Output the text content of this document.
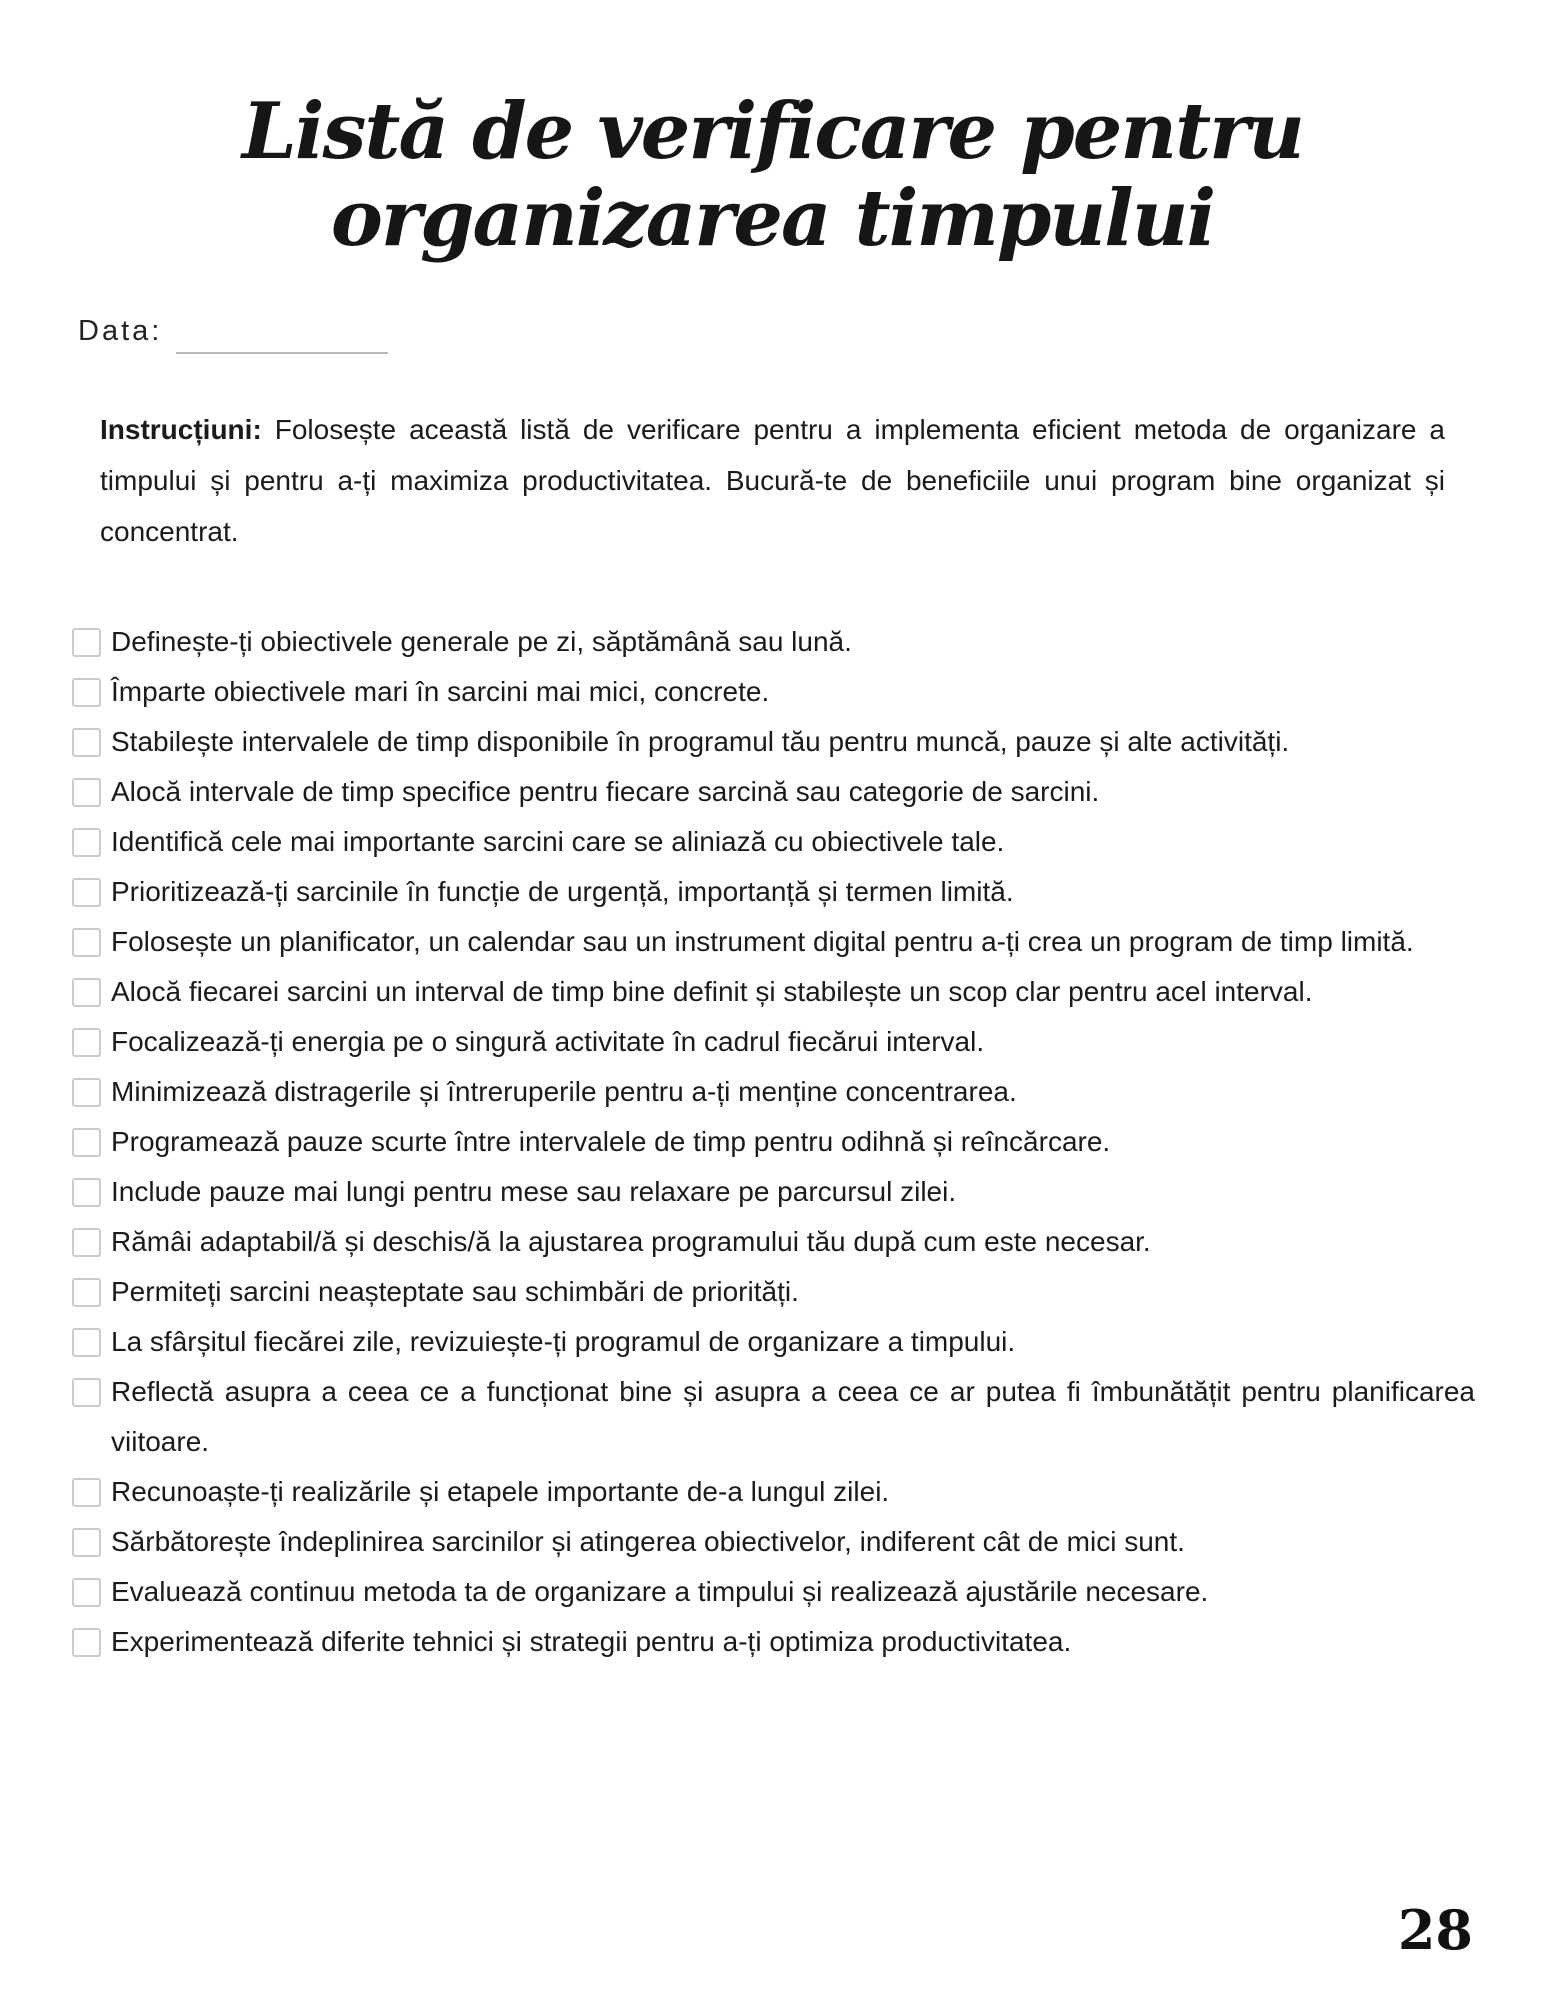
Listă de verificare pentru
organizarea timpului
Data:

Instrucțiuni: Folosește această listă de verificare pentru a implementa eficient metoda de organizare a timpului și pentru a-ți maximiza productivitatea. Bucură-te de beneficiile unui program bine organizat și concentrat.

Definește-ți obiectivele generale pe zi, săptămână sau lună.
Împarte obiectivele mari în sarcini mai mici, concrete.
Stabilește intervalele de timp disponibile în programul tău pentru muncă, pauze și alte activități.
Alocă intervale de timp specifice pentru fiecare sarcină sau categorie de sarcini.
Identifică cele mai importante sarcini care se aliniază cu obiectivele tale.
Prioritizează-ți sarcinile în funcție de urgență, importanță și termen limită.
Folosește un planificator, un calendar sau un instrument digital pentru a-ți crea un program de timp limită.
Alocă fiecarei sarcini un interval de timp bine definit și stabilește un scop clar pentru acel interval.
Focalizează-ți energia pe o singură activitate în cadrul fiecărui interval.
Minimizează distragerile și întreruperile pentru a-ți menține concentrarea.
Programează pauze scurte între intervalele de timp pentru odihnă și reîncărcare.
Include pauze mai lungi pentru mese sau relaxare pe parcursul zilei.
Rămâi adaptabil/ă și deschis/ă la ajustarea programului tău după cum este necesar.
Permiteți sarcini neașteptate sau schimbări de priorități.
La sfârșitul fiecărei zile, revizuiește-ți programul de organizare a timpului.
Reflectă asupra a ceea ce a funcționat bine și asupra a ceea ce ar putea fi îmbunătățit pentru planificarea viitoare.
Recunoaște-ți realizările și etapele importante de-a lungul zilei.
Sărbătorește îndeplinirea sarcinilor și atingerea obiectivelor, indiferent cât de mici sunt.
Evaluează continuu metoda ta de organizare a timpului și realizează ajustările necesare.
Experimentează diferite tehnici și strategii pentru a-ți optimiza productivitatea.
28
